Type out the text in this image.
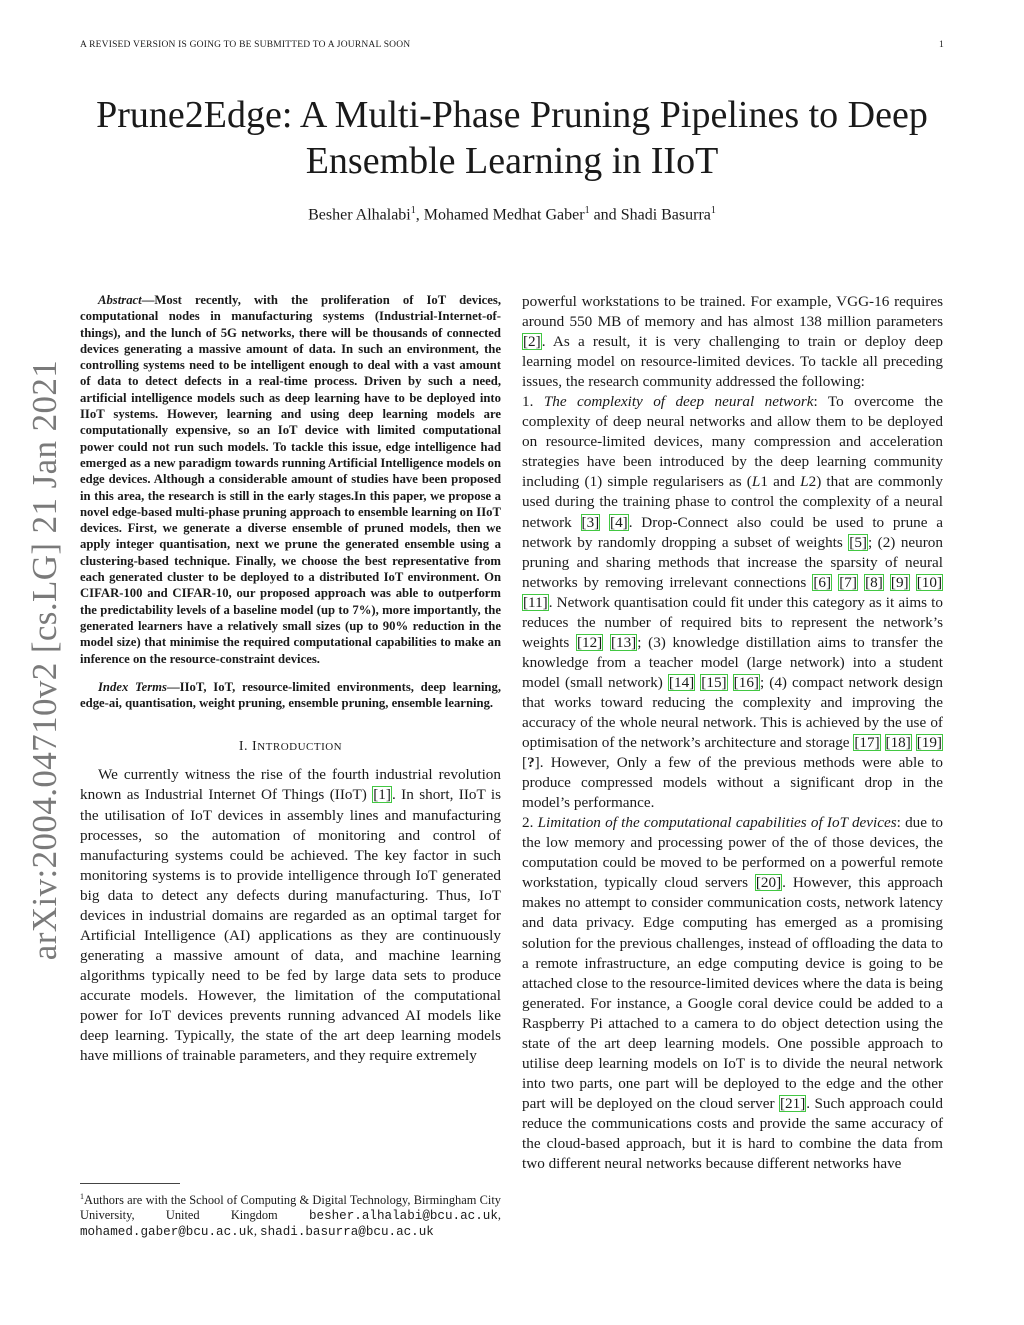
A REVISED VERSION IS GOING TO BE SUBMITTED TO A JOURNAL SOON	1
arXiv:2004.04710v2 [cs.LG] 21 Jan 2021
Prune2Edge: A Multi-Phase Pruning Pipelines to Deep Ensemble Learning in IIoT
Besher Alhalabi$^1$, Mohamed Medhat Gaber$^1$ and Shadi Basurra$^1$

Abstract—Most recently, with the proliferation of IoT devices, computational nodes in manufacturing systems (Industrial-Internet-of-things), and the lunch of 5G networks, there will be thousands of connected devices generating a massive amount of data. In such an environment, the controlling systems need to be intelligent enough to deal with a vast amount of data to detect defects in a real-time process. Driven by such a need, artificial intelligence models such as deep learning have to be deployed into IIoT systems. However, learning and using deep learning models are computationally expensive, so an IoT device with limited computational power could not run such models. To tackle this issue, edge intelligence had emerged as a new paradigm towards running Artificial Intelligence models on edge devices. Although a considerable amount of studies have been proposed in this area, the research is still in the early stages.In this paper, we propose a novel edge-based multi-phase pruning approach to ensemble learning on IIoT devices. First, we generate a diverse ensemble of pruned models, then we apply integer quantisation, next we prune the generated ensemble using a clustering-based technique. Finally, we choose the best representative from each generated cluster to be deployed to a distributed IoT environment. On CIFAR-100 and CIFAR-10, our proposed approach was able to outperform the predictability levels of a baseline model (up to 7%), more importantly, the generated learners have a relatively small sizes (up to 90% reduction in the model size) that minimise the required computational capabilities to make an inference on the resource-constraint devices.

Index Terms—IIoT, IoT, resource-limited environments, deep learning, edge-ai, quantisation, weight pruning, ensemble pruning, ensemble learning.

I. INTRODUCTION

We currently witness the rise of the fourth industrial revolution known as Industrial Internet Of Things (IIoT) [1]. In short, IIoT is the utilisation of IoT devices in assembly lines and manufacturing processes, so the automation of monitoring and control of manufacturing systems could be achieved. The key factor in such monitoring systems is to provide intelligence through IoT generated big data to detect any defects during manufacturing. Thus, IoT devices in industrial domains are regarded as an optimal target for Artificial Intelligence (AI) applications as they are continuously generating a massive amount of data, and machine learning algorithms typically need to be fed by large data sets to produce accurate models. However, the limitation of the computational power for IoT devices prevents running advanced AI models like deep learning. Typically, the state of the art deep learning models have millions of trainable parameters, and they require extremely

$^1$Authors are with the School of Computing & Digital Technology, Birmingham City University, United Kingdom besher.alhalabi@bcu.ac.uk, mohamed.gaber@bcu.ac.uk, shadi.basurra@bcu.ac.uk

powerful workstations to be trained. For example, VGG-16 requires around 550 MB of memory and has almost 138 million parameters [2]. As a result, it is very challenging to train or deploy deep learning model on resource-limited devices. To tackle all preceding issues, the research community addressed the following:

1. The complexity of deep neural network: To overcome the complexity of deep neural networks and allow them to be deployed on resource-limited devices, many compression and acceleration strategies have been introduced by the deep learning community including (1) simple regularisers as (L1 and L2) that are commonly used during the training phase to control the complexity of a neural network [3] [4]. Drop-Connect also could be used to prune a network by randomly dropping a subset of weights [5]; (2) neuron pruning and sharing methods that increase the sparsity of neural networks by removing irrelevant connections [6] [7] [8] [9] [10] [11]. Network quantisation could fit under this category as it aims to reduces the number of required bits to represent the network’s weights [12] [13]; (3) knowledge distillation aims to transfer the knowledge from a teacher model (large network) into a student model (small network) [14] [15] [16]; (4) compact network design that works toward reducing the complexity and improving the accuracy of the whole neural network. This is achieved by the use of optimisation of the network’s architecture and storage [17] [18] [19] [?]. However, Only a few of the previous methods were able to produce compressed models without a significant drop in the model’s performance.

2. Limitation of the computational capabilities of IoT devices: due to the low memory and processing power of the of those devices, the computation could be moved to be performed on a powerful remote workstation, typically cloud servers [20]. However, this approach makes no attempt to consider communication costs, network latency and data privacy. Edge computing has emerged as a promising solution for the previous challenges, instead of offloading the data to a remote infrastructure, an edge computing device is going to be attached close to the resource-limited devices where the data is being generated. For instance, a Google coral device could be added to a Raspberry Pi attached to a camera to do object detection using the state of the art deep learning models. One possible approach to utilise deep learning models on IoT is to divide the neural network into two parts, one part will be deployed to the edge and the other part will be deployed on the cloud server [21]. Such approach could reduce the communications costs and provide the same accuracy of the cloud-based approach, but it is hard to combine the data from two different neural networks because different networks have
